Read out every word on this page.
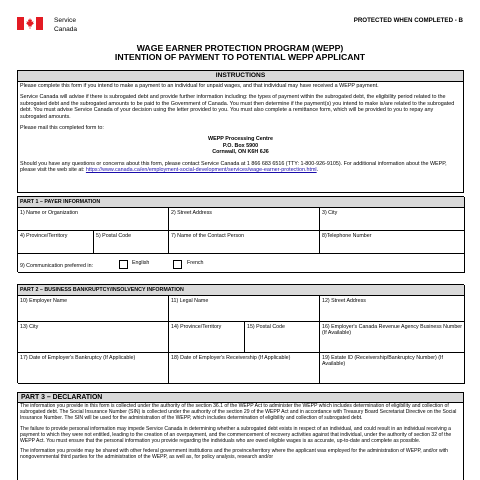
Service
Canada
PROTECTED WHEN COMPLETED - B
WAGE EARNER PROTECTION PROGRAM (WEPP)
INTENTION OF PAYMENT TO POTENTIAL WEPP APPLICANT
INSTRUCTIONS

Please complete this form if you intend to make a payment to an individual for unpaid wages, and that individual may have received a WEPP payment.

Service Canada will advise if there is subrogated debt and provide further information including: the types of payment within the subrogated debt, the eligibility period related to the subrogated debt and the subrogated amounts to be paid to the Government of Canada. You must then determine if the payment(s) you intend to make is/are related to the subrogated debt. You must advise Service Canada of your decision using the letter provided to you. You must also complete a remittance form, which will be provided to you to repay any subrogated amounts.

Please mail this completed form to:

WEPP Processing Centre
P.O. Box 5900
Cornwall, ON K6H 6J6

Should you have any questions or concerns about this form, please contact Service Canada at 1 866 683 6516 (TTY: 1-800-926-9105). For additional information about the WEPP, please visit the web site at: https://www.canada.ca/en/employment-social-development/services/wage-earner-protection.html.

PART 1 – PAYER INFORMATION
1) Name or Organization	2) Street Address	3) City
4) Province/Territory	5) Postal Code	7) Name of the Contact Person	8)Telephone Number
9) Communication preferred in:	English	French
PART 2 – BUSINESS BANKRUPTCY/INSOLVENCY INFORMATION
10) Employer Name	11) Legal Name	12) Street Address
13) City	14) Province/Territory	15) Postal Code	16) Employer's Canada Revenue Agency Business Number (If Available)
17) Date of Employer's Bankruptcy (If Applicable)	18) Date of Employer's Receivership (If Applicable)	19) Estate ID (Receivership/Bankruptcy Number) (If Available)
PART 3 – DECLARATION

The information you provide in this form is collected under the authority of the section 36.1 of the WEPP Act to administer the WEPP which includes determination of eligibility and collection of subrogated debt. The Social Insurance Number (SIN) is collected under the authority of the section 29 of the WEPP Act and in accordance with Treasury Board Secretariat Directive on the Social Insurance Number. The SIN will be used for the administration of the WEPP, which includes determination of eligibility and collection of subrogated debt.

The failure to provide personal information may impede Service Canada in determining whether a subrogated debt exists in respect of an individual, and could result in an individual receiving a payment to which they were not entitled, leading to the creation of an overpayment, and the commencement of recovery activities against that individual, under the authority of section 32 of the WEPP Act. You must ensure that the personal information you provide regarding the individuals who are owed eligible wages is as accurate, up-to-date and complete as possible.

The information you provide may be shared with other federal government institutions and the province/territory where the applicant was employed for the administration of WEPP, and/or with nongovernmental third parties for the administration of the WEPP, as well as, for policy analysis, research and/or
